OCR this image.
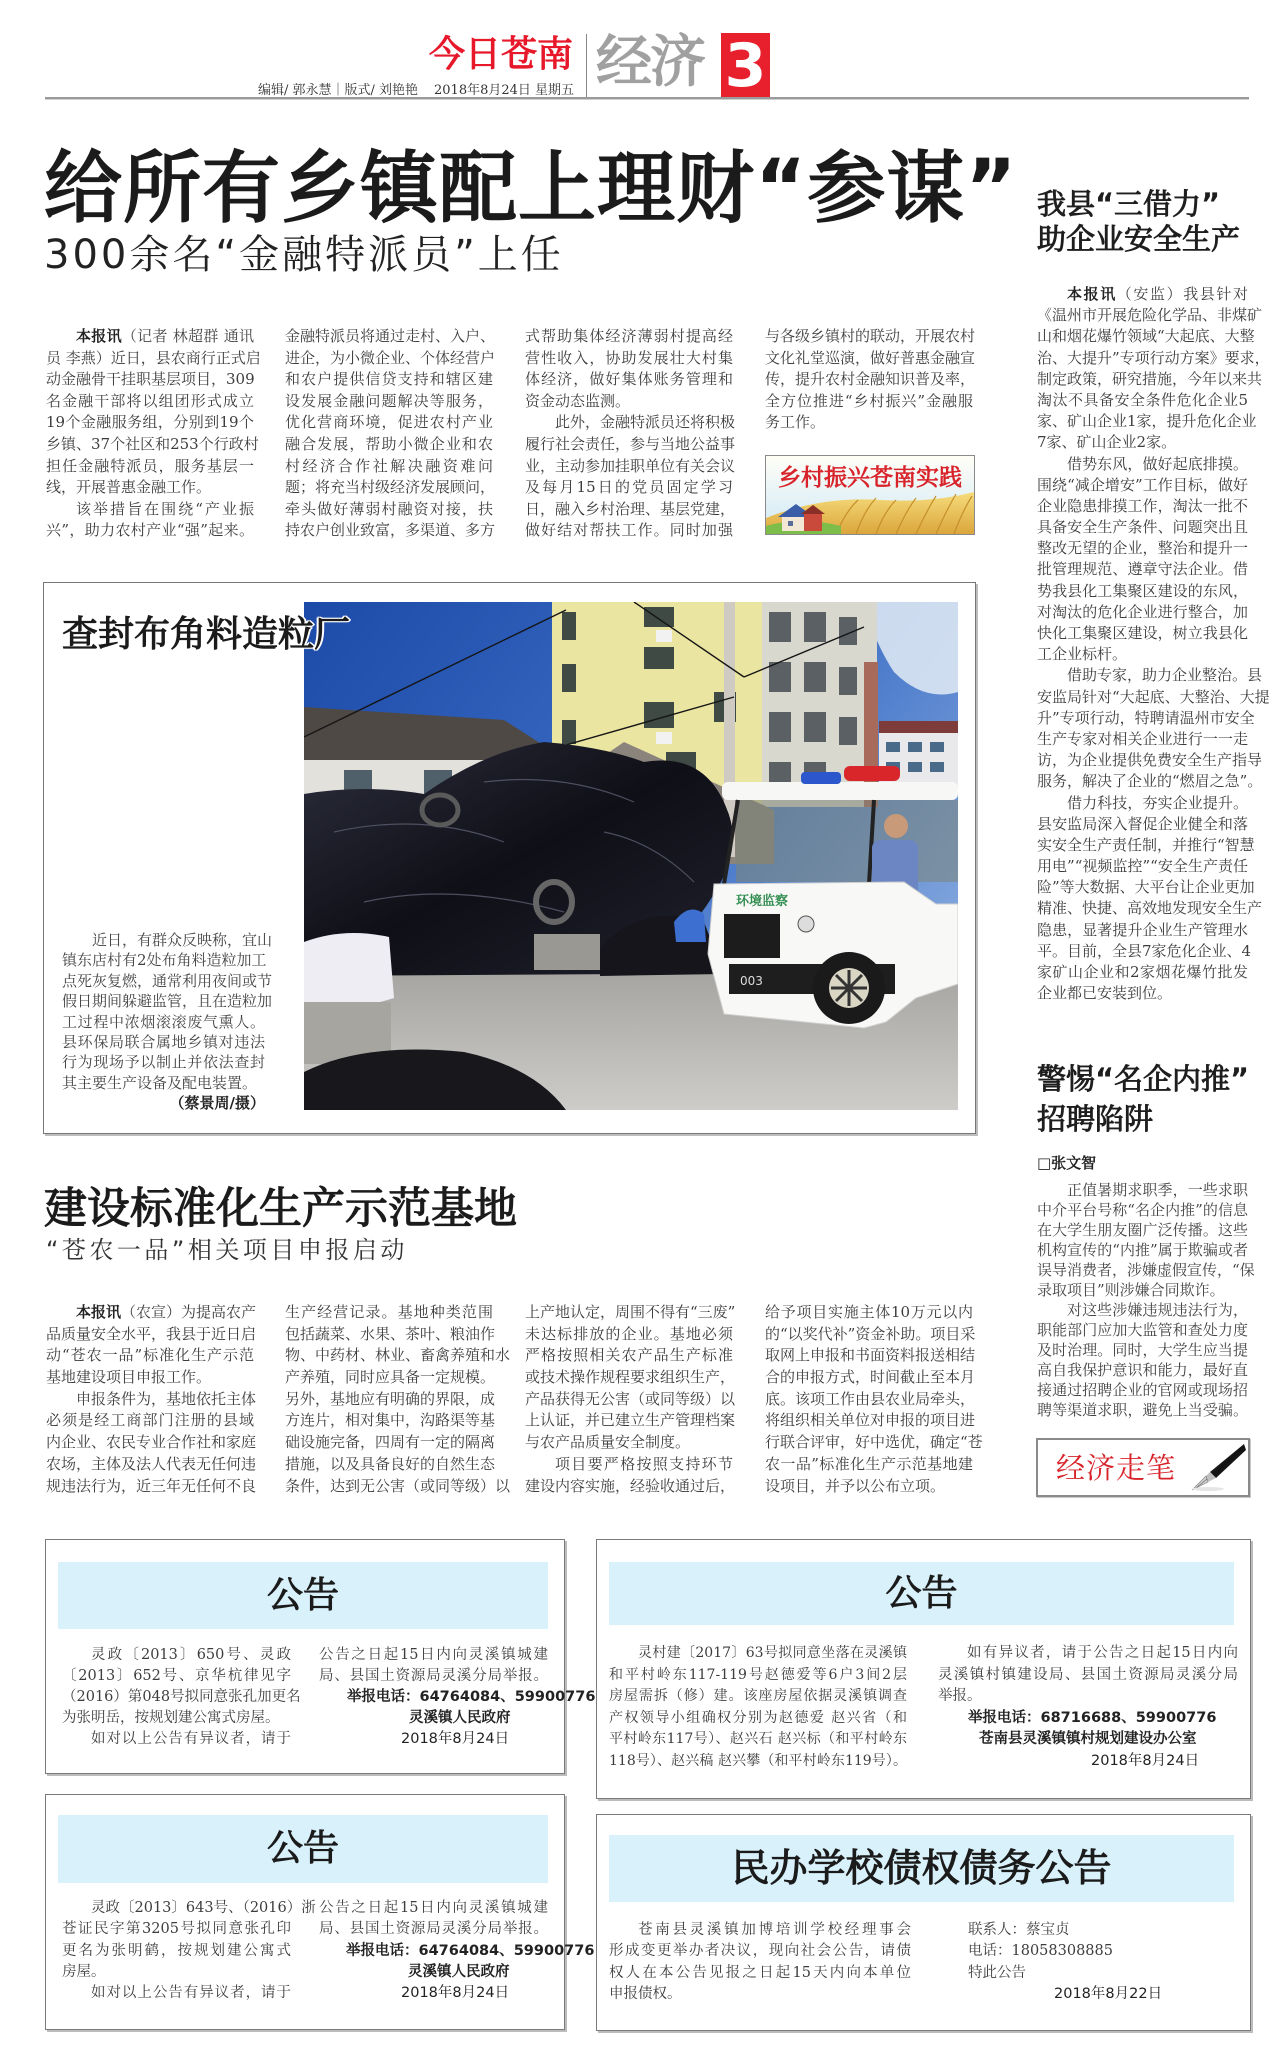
今日苍南 经济 3
编辑/ 郭永慧｜版式/ 刘艳艳 2018年8月24日 星期五
给所有乡镇配上理财“参谋”
300余名“金融特派员”上任
本报讯（记者 林超群 通讯
员 李燕）近日，县农商行正式启
动金融骨干挂职基层项目，309
名金融干部将以组团形式成立
19个金融服务组，分别到19个
乡镇、37个社区和253个行政村
担任金融特派员，服务基层一
线，开展普惠金融工作。
该举措旨在围绕“产业振
兴”，助力农村产业“强”起来。
金融特派员将通过走村、入户、
进企，为小微企业、个体经营户
和农户提供信贷支持和辖区建
设发展金融问题解决等服务，
优化营商环境，促进农村产业
融合发展，帮助小微企业和农
村经济合作社解决融资难问
题；将充当村级经济发展顾问，
牵头做好薄弱村融资对接，扶
持农户创业致富，多渠道、多方
式帮助集体经济薄弱村提高经
营性收入，协助发展壮大村集
体经济，做好集体账务管理和
资金动态监测。
此外，金融特派员还将积极
履行社会责任，参与当地公益事
业，主动参加挂职单位有关会议
及每月15日的党员固定学习
日，融入乡村治理、基层党建，
做好结对帮扶工作。同时加强
与各级乡镇村的联动，开展农村
文化礼堂巡演，做好普惠金融宣
传，提升农村金融知识普及率，
全方位推进“乡村振兴”金融服
务工作。
乡村振兴苍南实践
环境监察
003
查封布角料造粒厂
近日，有群众反映称，宜山
镇东店村有2处布角料造粒加工
点死灰复燃，通常利用夜间或节
假日期间躲避监管，且在造粒加
工过程中浓烟滚滚废气熏人。
县环保局联合属地乡镇对违法
行为现场予以制止并依法查封
其主要生产设备及配电装置。
（蔡景周/摄）
建设标准化生产示范基地
“苍农一品”相关项目申报启动
本报讯（农宣）为提高农产
品质量安全水平，我县于近日启
动“苍农一品”标准化生产示范
基地建设项目申报工作。
申报条件为，基地依托主体
必须是经工商部门注册的县域
内企业、农民专业合作社和家庭
农场，主体及法人代表无任何违
规违法行为，近三年无任何不良
生产经营记录。基地种类范围
包括蔬菜、水果、茶叶、粮油作
物、中药材、林业、畜禽养殖和水
产养殖，同时应具备一定规模。
另外，基地应有明确的界限，成
方连片，相对集中，沟路渠等基
础设施完备，四周有一定的隔离
措施，以及具备良好的自然生态
条件，达到无公害（或同等级）以
上产地认定，周围不得有“三废”
未达标排放的企业。基地必须
严格按照相关农产品生产标准
或技术操作规程要求组织生产，
产品获得无公害（或同等级）以
上认证，并已建立生产管理档案
与农产品质量安全制度。
项目要严格按照支持环节
建设内容实施，经验收通过后，
给予项目实施主体10万元以内
的“以奖代补”资金补助。项目采
取网上申报和书面资料报送相结
合的申报方式，时间截止至本月
底。该项工作由县农业局牵头，
将组织相关单位对申报的项目进
行联合评审，好中选优，确定“苍
农一品”标准化生产示范基地建
设项目，并予以公布立项。
我县“三借力”
助企业安全生产
本报讯（安监）我县针对
《温州市开展危险化学品、非煤矿
山和烟花爆竹领域“大起底、大整
治、大提升”专项行动方案》要求，
制定政策，研究措施，今年以来共
淘汰不具备安全条件危化企业5
家、矿山企业1家，提升危化企业
7家、矿山企业2家。
借势东风，做好起底排摸。
围绕“减企增安”工作目标，做好
企业隐患排摸工作，淘汰一批不
具备安全生产条件、问题突出且
整改无望的企业，整治和提升一
批管理规范、遵章守法企业。借
势我县化工集聚区建设的东风，
对淘汰的危化企业进行整合，加
快化工集聚区建设，树立我县化
工企业标杆。
借助专家，助力企业整治。县
安监局针对“大起底、大整治、大提
升”专项行动，特聘请温州市安全
生产专家对相关企业进行一一走
访，为企业提供免费安全生产指导
服务，解决了企业的“燃眉之急”。
借力科技，夯实企业提升。
县安监局深入督促企业健全和落
实安全生产责任制，并推行“智慧
用电”“视频监控”“安全生产责任
险”等大数据、大平台让企业更加
精准、快捷、高效地发现安全生产
隐患，显著提升企业生产管理水
平。目前，全县7家危化企业、4
家矿山企业和2家烟花爆竹批发
企业都已安装到位。
警惕“名企内推”
招聘陷阱
□张文智
正值暑期求职季，一些求职
中介平台号称“名企内推”的信息
在大学生朋友圈广泛传播。这些
机构宣传的“内推”属于欺骗或者
误导消费者，涉嫌虚假宣传，“保
录取项目”则涉嫌合同欺诈。
对这些涉嫌违规违法行为，
职能部门应加大监管和查处力度
及时治理。同时，大学生应当提
高自我保护意识和能力，最好直
接通过招聘企业的官网或现场招
聘等渠道求职，避免上当受骗。
经济走笔
公告
灵政〔2013〕650号、灵政
〔2013〕652号、京华杭律见字
（2016）第048号拟同意张孔加更名
为张明岳，按规划建公寓式房屋。
如对以上公告有异议者，请于
公告之日起15日内向灵溪镇城建
局、县国土资源局灵溪分局举报。
举报电话：64764084、59900776
灵溪镇人民政府
2018年8月24日
公告
灵村建〔2017〕63号拟同意坐落在灵溪镇
和平村岭东117-119号赵德爱等6户3间2层
房屋需拆（修）建。该座房屋依据灵溪镇调查
产权领导小组确权分别为赵德爱 赵兴省（和
平村岭东117号）、赵兴石 赵兴标（和平村岭东
118号）、赵兴稿 赵兴攀（和平村岭东119号）。
如有异议者，请于公告之日起15日内向
灵溪镇村镇建设局、县国土资源局灵溪分局
举报。
举报电话：68716688、59900776
苍南县灵溪镇镇村规划建设办公室
2018年8月24日
公告
灵政〔2013〕643号、（2016）浙
苍证民字第3205号拟同意张孔印
更名为张明鹤，按规划建公寓式
房屋。
如对以上公告有异议者，请于
公告之日起15日内向灵溪镇城建
局、县国土资源局灵溪分局举报。
举报电话：64764084、59900776
灵溪镇人民政府
2018年8月24日
民办学校债权债务公告
苍南县灵溪镇加博培训学校经理事会
形成变更举办者决议，现向社会公告，请债
权人在本公告见报之日起15天内向本单位
申报债权。
联系人：蔡宝贞
电话：18058308885
特此公告
2018年8月22日
